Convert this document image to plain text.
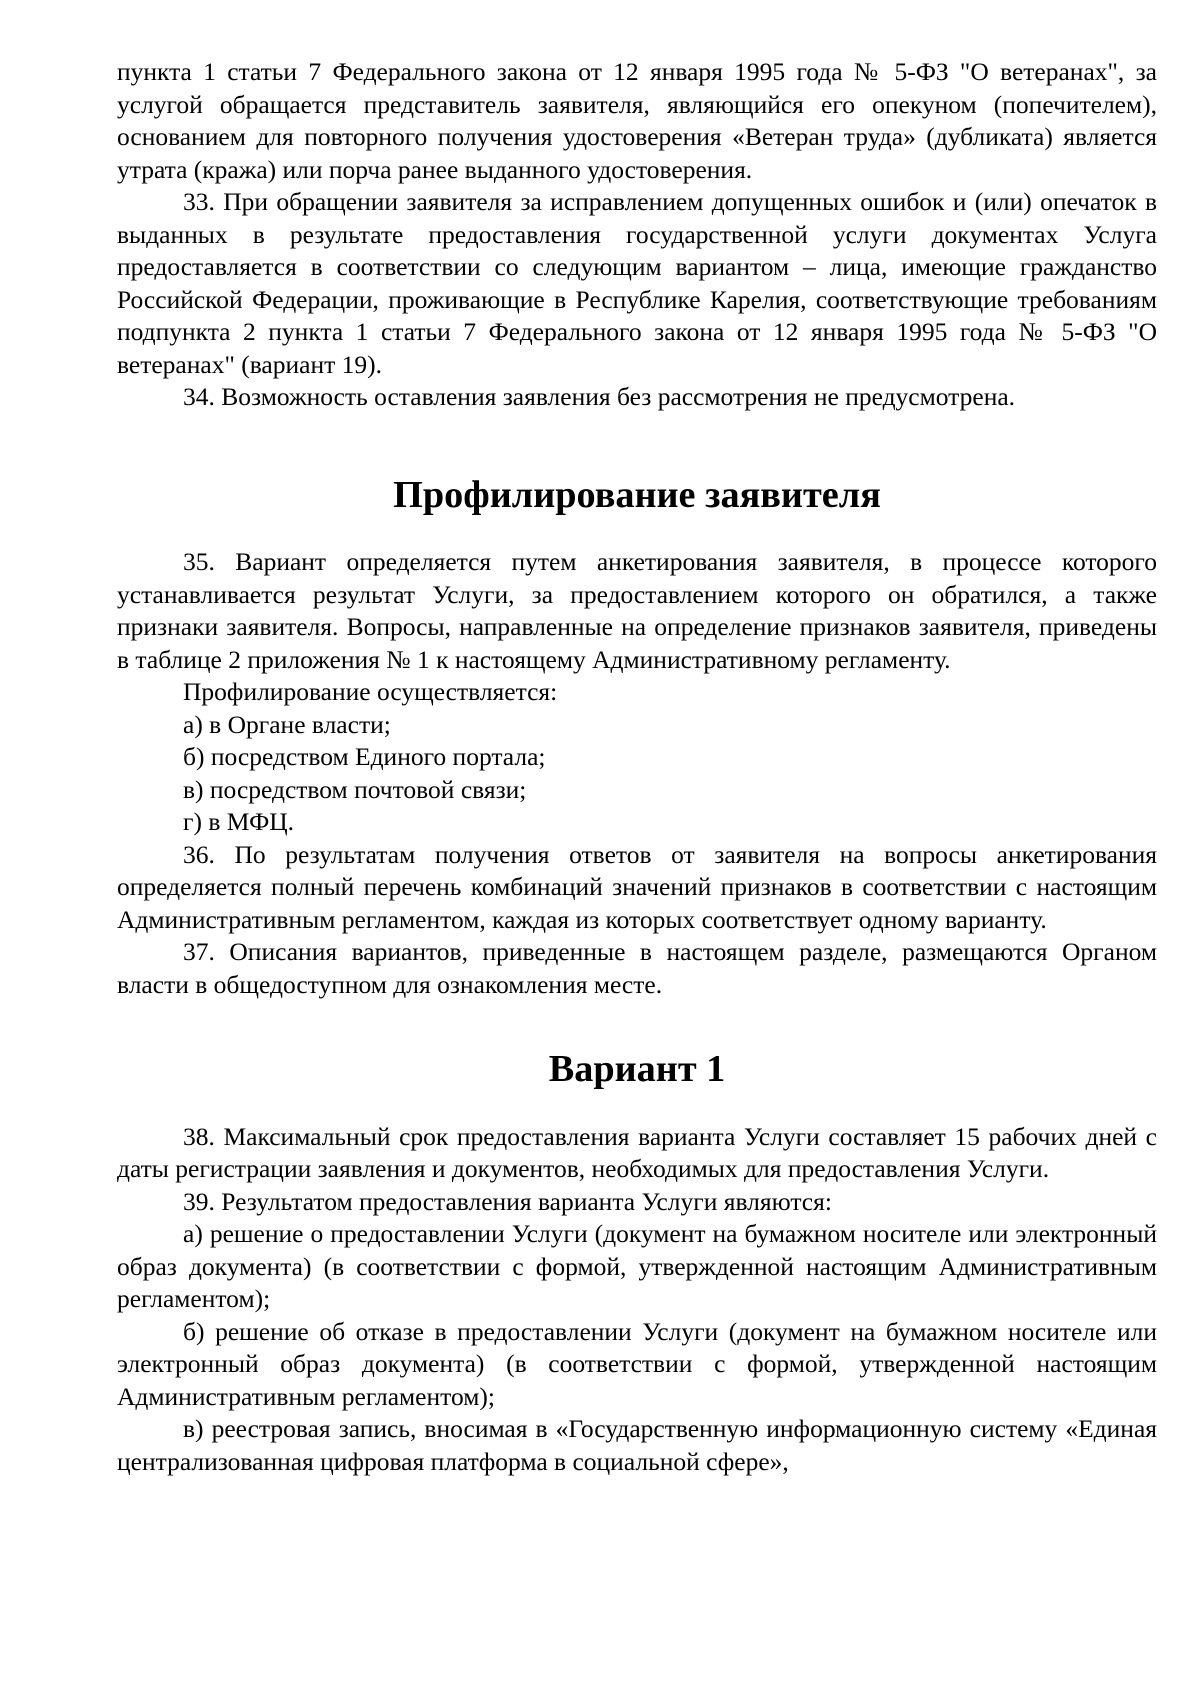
пункта 1 статьи 7 Федерального закона от 12 января 1995 года № 5-ФЗ "О ветеранах", за услугой обращается представитель заявителя, являющийся его опекуном (попечителем), основанием для повторного получения удостоверения «Ветеран труда» (дубликата) является утрата (кража) или порча ранее выданного удостоверения.

33. При обращении заявителя за исправлением допущенных ошибок и (или) опечаток в выданных в результате предоставления государственной услуги документах Услуга предоставляется в соответствии со следующим вариантом – лица, имеющие гражданство Российской Федерации, проживающие в Республике Карелия, соответствующие требованиям подпункта 2 пункта 1 статьи 7 Федерального закона от 12 января 1995 года № 5-ФЗ "О ветеранах" (вариант 19).

34. Возможность оставления заявления без рассмотрения не предусмотрена.

Профилирование заявителя

35. Вариант определяется путем анкетирования заявителя, в процессе которого устанавливается результат Услуги, за предоставлением которого он обратился, а также признаки заявителя. Вопросы, направленные на определение признаков заявителя, приведены в таблице 2 приложения № 1 к настоящему Административному регламенту.

Профилирование осуществляется:

а) в Органе власти;

б) посредством Единого портала;

в) посредством почтовой связи;

г) в МФЦ.

36. По результатам получения ответов от заявителя на вопросы анкетирования определяется полный перечень комбинаций значений признаков в соответствии с настоящим Административным регламентом, каждая из которых соответствует одному варианту.

37. Описания вариантов, приведенные в настоящем разделе, размещаются Органом власти в общедоступном для ознакомления месте.

Вариант 1

38. Максимальный срок предоставления варианта Услуги составляет 15 рабочих дней с даты регистрации заявления и документов, необходимых для предоставления Услуги.

39. Результатом предоставления варианта Услуги являются:

а) решение о предоставлении Услуги (документ на бумажном носителе или электронный образ документа) (в соответствии с формой, утвержденной настоящим Административным регламентом);

б) решение об отказе в предоставлении Услуги (документ на бумажном носителе или электронный образ документа) (в соответствии с формой, утвержденной настоящим Административным регламентом);

в) реестровая запись, вносимая в «Государственную информационную систему «Единая централизованная цифровая платформа в социальной сфере»,
